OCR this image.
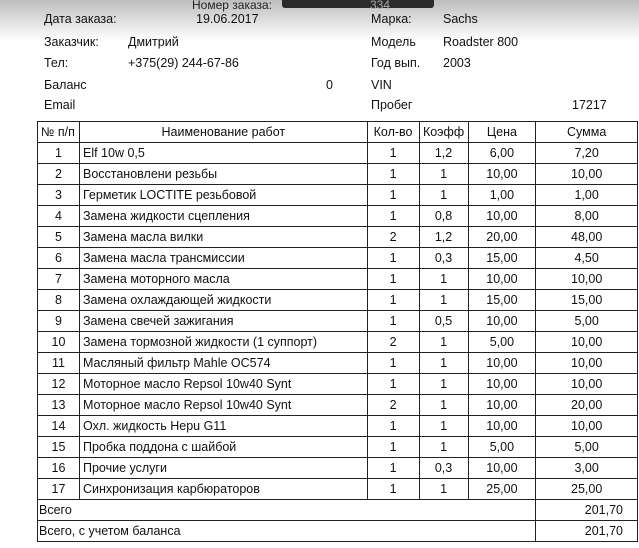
Номер заказа:	334
Дата заказа:	19.06.2017
Заказчик: Дмитрий
Тел:	+375(29) 244-67-86
Баланс	0
Email
Марка:	Sachs
Модель Roadster 800
Год вып. 2003
VIN
Пробег	17217
№ п/п	Наименование работ	Кол-во	Коэфф	Цена	Сумма
1	Elf 10w 0,5	1	1,2	6,00	7,20
2	Восстановлени резьбы	1	1	10,00	10,00
3	Герметик LOCTITE резьбовой	1	1	1,00	1,00
4	Замена жидкости сцепления	1	0,8	10,00	8,00
5	Замена масла вилки	2	1,2	20,00	48,00
6	Замена масла трансмиссии	1	0,3	15,00	4,50
7	Замена моторного масла	1	1	10,00	10,00
8	Замена охлаждающей жидкости	1	1	15,00	15,00
9	Замена свечей зажигания	1	0,5	10,00	5,00
10	Замена тормозной жидкости (1 суппорт)	2	1	5,00	10,00
11	Масляный фильтр Mahle OC574	1	1	10,00	10,00
12	Моторное масло Repsol 10w40 Synt	1	1	10,00	10,00
13	Моторное масло Repsol 10w40 Synt	2	1	10,00	20,00
14	Охл. жидкость Hepu G11	1	1	10,00	10,00
15	Пробка поддона с шайбой	1	1	5,00	5,00
16	Прочие услуги	1	0,3	10,00	3,00
17	Синхронизация карбюраторов	1	1	25,00	25,00
Всего					201,70
Всего, с учетом баланса					201,70
